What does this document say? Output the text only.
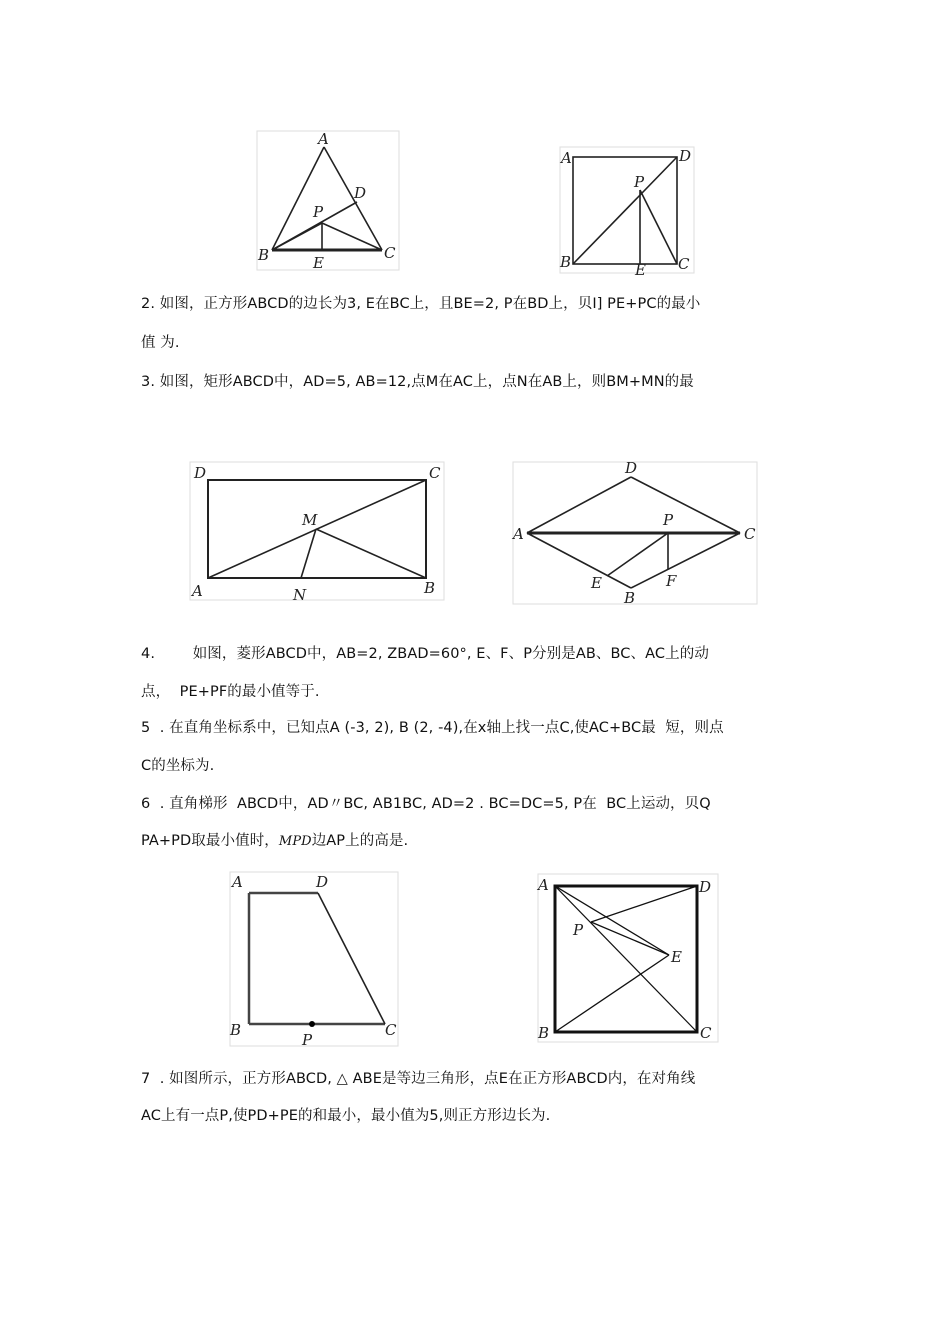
A
D
P
B	E
C
A	D
P
B	E C
2. 如图，正方形ABCD的边长为3, E在BC上，且BE=2, P在BD上，贝I] PE+PC的最小
值 为.
3. 如图，矩形ABCD中，AD=5, AB=12,点M在AC上，点N在AB上，则BM+MN的最
D	C
M
A	N	B
D
A
P
C
E	F
B
4.        如图，菱形ABCD中，AB=2, ZBAD=60°, E、F、P分别是AB、BC、AC上的动
点，  PE+PF的最小值等于.
5  . 在直角坐标系中，已知点A (-3, 2), B (2, -4),在x轴上找一点C,使AC+BC最  短，则点
C的坐标为.
6  . 直角梯形  ABCD中，AD〃BC, AB1BC, AD=2 . BC=DC=5, P在  BC上运动，贝Q
PA+PD取最小值时，MPD边AP上的高是.
A	D
B
P
C
A	D
P
E
B	C
7  . 如图所示，正方形ABCD, △ ABE是等边三角形，点E在正方形ABCD内，在对角线
AC上有一点P,使PD+PE的和最小，最小值为5,则正方形边长为.
